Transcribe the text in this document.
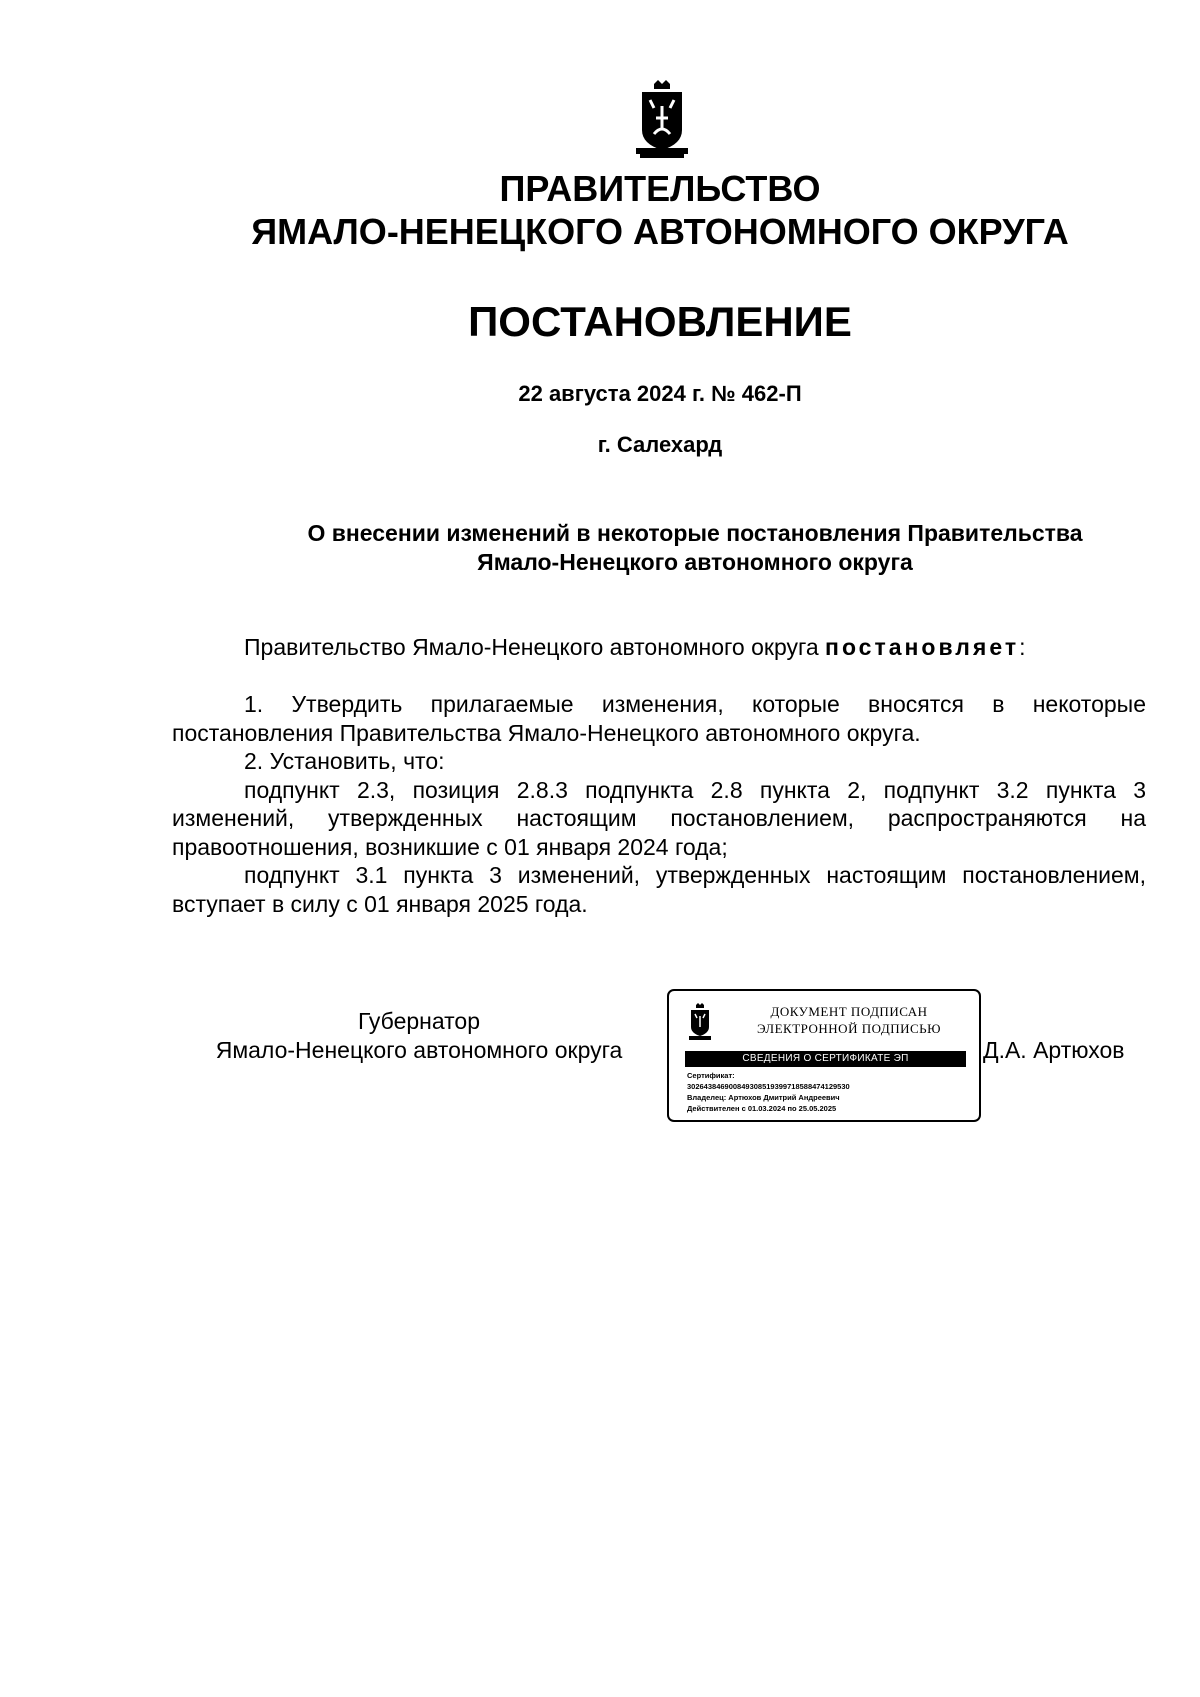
ПРАВИТЕЛЬСТВО
ЯМАЛО-НЕНЕЦКОГО АВТОНОМНОГО ОКРУГА
ПОСТАНОВЛЕНИЕ
22 августа 2024 г. № 462-П
г. Салехард
О внесении изменений в некоторые постановления Правительства
Ямало-Ненецкого автономного округа

Правительство Ямало-Ненецкого автономного округа постановляет:

1. Утвердить прилагаемые изменения, которые вносятся в некоторые постановления Правительства Ямало-Ненецкого автономного округа.

2. Установить, что:

подпункт 2.3, позиция 2.8.3 подпункта 2.8 пункта 2, подпункт 3.2 пункта 3 изменений, утвержденных настоящим постановлением, распространяются на правоотношения, возникшие с 01 января 2024 года;

подпункт 3.1 пункта 3 изменений, утвержденных настоящим постановлением, вступает в силу с 01 января 2025 года.

Губернатор
Ямало-Ненецкого автономного округа
ДОКУМЕНТ ПОДПИСАН
ЭЛЕКТРОННОЙ ПОДПИСЬЮ
СВЕДЕНИЯ О СЕРТИФИКАТЕ ЭП
Сертификат:
30264384690084930851939971858847412953​0
Владелец: Артюхов Дмитрий Андреевич
Действителен с 01.03.2024 по 25.05.2025
Д.А. Артюхов
